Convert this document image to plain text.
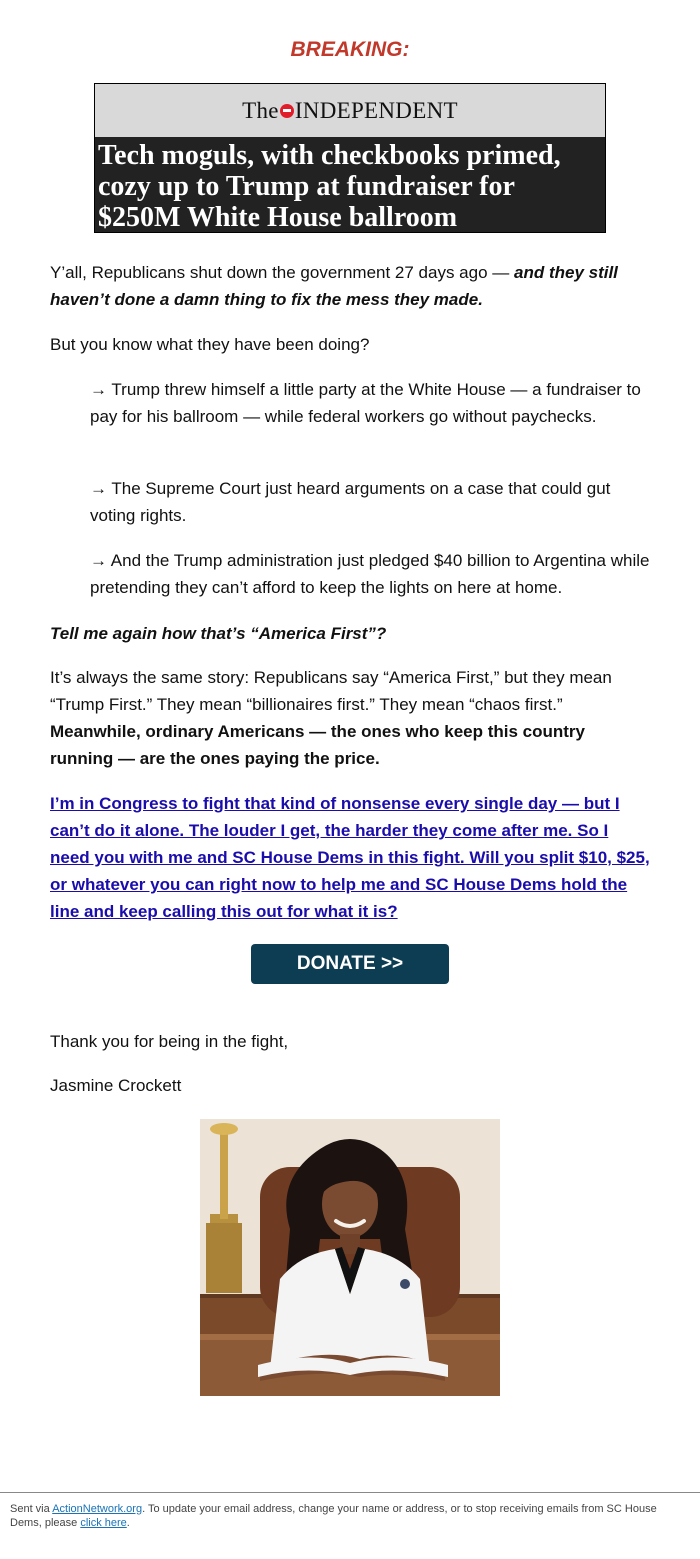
BREAKING:
The INDEPENDENT

Tech moguls, with checkbooks primed, cozy up to Trump at fundraiser for $250M White House ballroom

Y’all, Republicans shut down the government 27 days ago — and they still haven’t done a damn thing to fix the mess they made.

But you know what they have been doing?

→ Trump threw himself a little party at the White House — a fundraiser to pay for his ballroom — while federal workers go without paychecks.

→ The Supreme Court just heard arguments on a case that could gut voting rights.

→ And the Trump administration just pledged $40 billion to Argentina while pretending they can’t afford to keep the lights on here at home.

Tell me again how that’s “America First”?

It’s always the same story: Republicans say “America First,” but they mean “Trump First.” They mean “billionaires first.” They mean “chaos first.” Meanwhile, ordinary Americans — the ones who keep this country running — are the ones paying the price.

I’m in Congress to fight that kind of nonsense every single day — but I can’t do it alone. The louder I get, the harder they come after me. So I need you with me and SC House Dems in this fight. Will you split $10, $25, or whatever you can right now to help me and SC House Dems hold the line and keep calling this out for what it is?

DONATE >>

Thank you for being in the fight,

Jasmine Crockett

Sent via ActionNetwork.org. To update your email address, change your name or address, or to stop receiving emails from SC House Dems, please click here.
